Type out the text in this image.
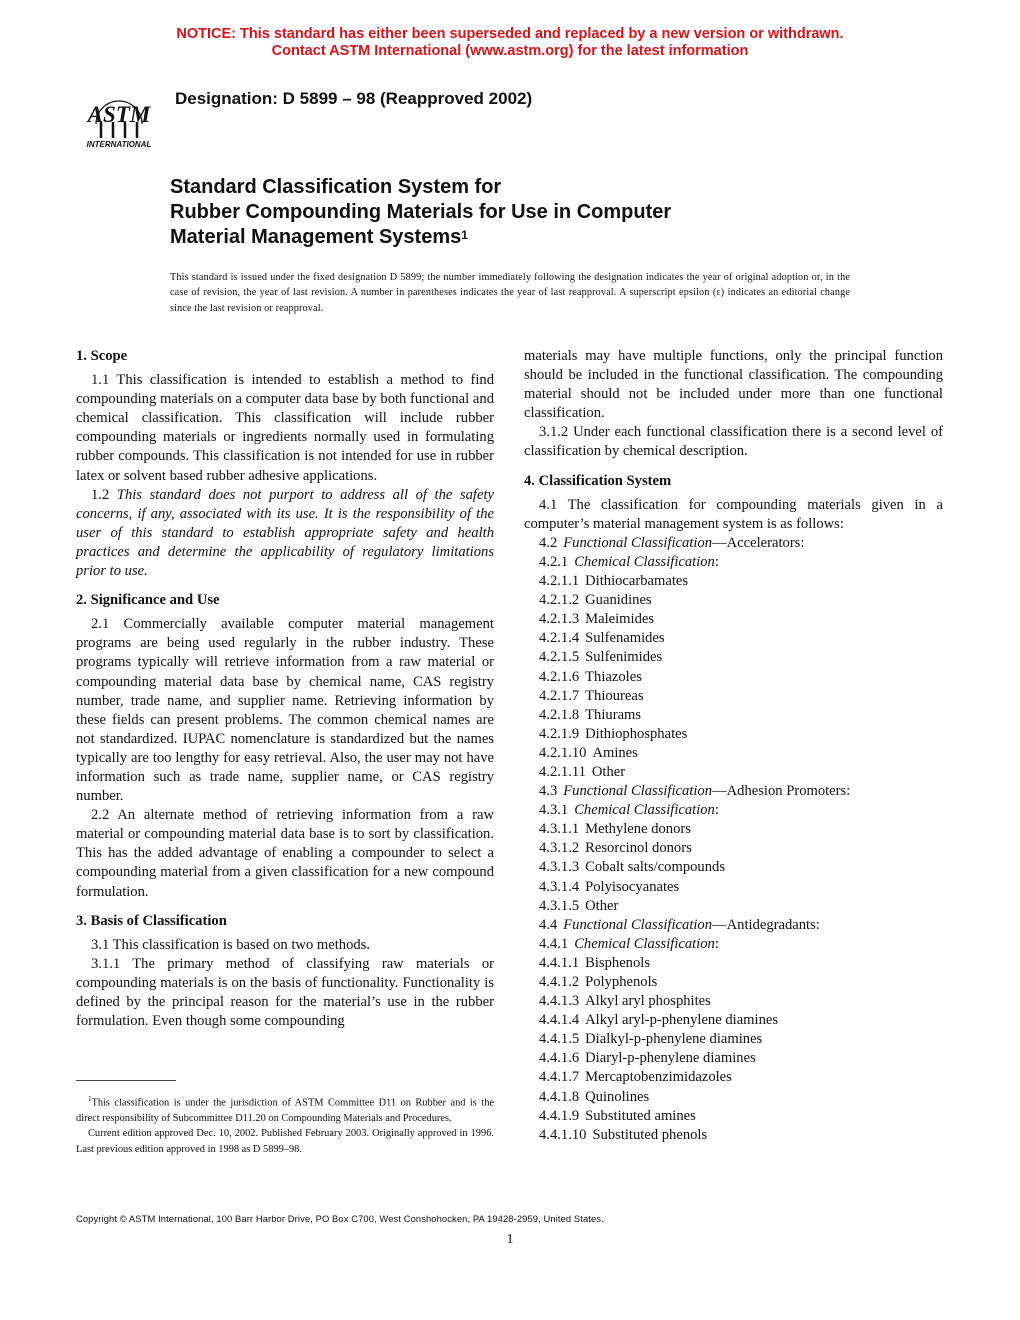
NOTICE: This standard has either been superseded and replaced by a new version or withdrawn.
Contact ASTM International (www.astm.org) for the latest information
ASTM
INTERNATIONAL
Designation: D 5899 – 98 (Reapproved 2002)
Standard Classification System for
Rubber Compounding Materials for Use in Computer
Material Management Systems$^1$
This standard is issued under the fixed designation D 5899; the number immediately following the designation indicates the year of original adoption or, in the case of revision, the year of last revision. A number in parentheses indicates the year of last reapproval. A superscript epsilon (ε) indicates an editorial change since the last revision or reapproval.

1. Scope

1.1 This classification is intended to establish a method to find compounding materials on a computer data base by both functional and chemical classification. This classification will include rubber compounding materials or ingredients normally used in formulating rubber compounds. This classification is not intended for use in rubber latex or solvent based rubber adhesive applications.

1.2 This standard does not purport to address all of the safety concerns, if any, associated with its use. It is the responsibility of the user of this standard to establish appropriate safety and health practices and determine the applicability of regulatory limitations prior to use.

2. Significance and Use

2.1 Commercially available computer material management programs are being used regularly in the rubber industry. These programs typically will retrieve information from a raw material or compounding material data base by chemical name, CAS registry number, trade name, and supplier name. Retrieving information by these fields can present problems. The common chemical names are not standardized. IUPAC nomenclature is standardized but the names typically are too lengthy for easy retrieval. Also, the user may not have information such as trade name, supplier name, or CAS registry number.

2.2 An alternate method of retrieving information from a raw material or compounding material data base is to sort by classification. This has the added advantage of enabling a compounder to select a compounding material from a given classification for a new compound formulation.

3. Basis of Classification

3.1 This classification is based on two methods.

3.1.1 The primary method of classifying raw materials or compounding materials is on the basis of functionality. Functionality is defined by the principal reason for the material’s use in the rubber formulation. Even though some compounding

materials may have multiple functions, only the principal function should be included in the functional classification. The compounding material should not be included under more than one functional classification.

3.1.2 Under each functional classification there is a second level of classification by chemical description.

4. Classification System

4.1 The classification for compounding materials given in a computer’s material management system is as follows:

4.2 Functional Classification—Accelerators:

4.2.1 Chemical Classification:

4.2.1.1 Dithiocarbamates

4.2.1.2 Guanidines

4.2.1.3 Maleimides

4.2.1.4 Sulfenamides

4.2.1.5 Sulfenimides

4.2.1.6 Thiazoles

4.2.1.7 Thioureas

4.2.1.8 Thiurams

4.2.1.9 Dithiophosphates

4.2.1.10 Amines

4.2.1.11 Other

4.3 Functional Classification—Adhesion Promoters:

4.3.1 Chemical Classification:

4.3.1.1 Methylene donors

4.3.1.2 Resorcinol donors

4.3.1.3 Cobalt salts/compounds

4.3.1.4 Polyisocyanates

4.3.1.5 Other

4.4 Functional Classification—Antidegradants:

4.4.1 Chemical Classification:

4.4.1.1 Bisphenols

4.4.1.2 Polyphenols

4.4.1.3 Alkyl aryl phosphites

4.4.1.4 Alkyl aryl-p-phenylene diamines

4.4.1.5 Dialkyl-p-phenylene diamines

4.4.1.6 Diaryl-p-phenylene diamines

4.4.1.7 Mercaptobenzimidazoles

4.4.1.8 Quinolines

4.4.1.9 Substituted amines

4.4.1.10 Substituted phenols

$^1$This classification is under the jurisdiction of ASTM Committee D11 on Rubber and is the direct responsibility of Subcommittee D11.20 on Compounding Materials and Procedures.

Current edition approved Dec. 10, 2002. Published February 2003. Originally approved in 1996. Last previous edition approved in 1998 as D 5899–98.

Copyright © ASTM International, 100 Barr Harbor Drive, PO Box C700, West Conshohocken, PA 19428-2959, United States.
1
